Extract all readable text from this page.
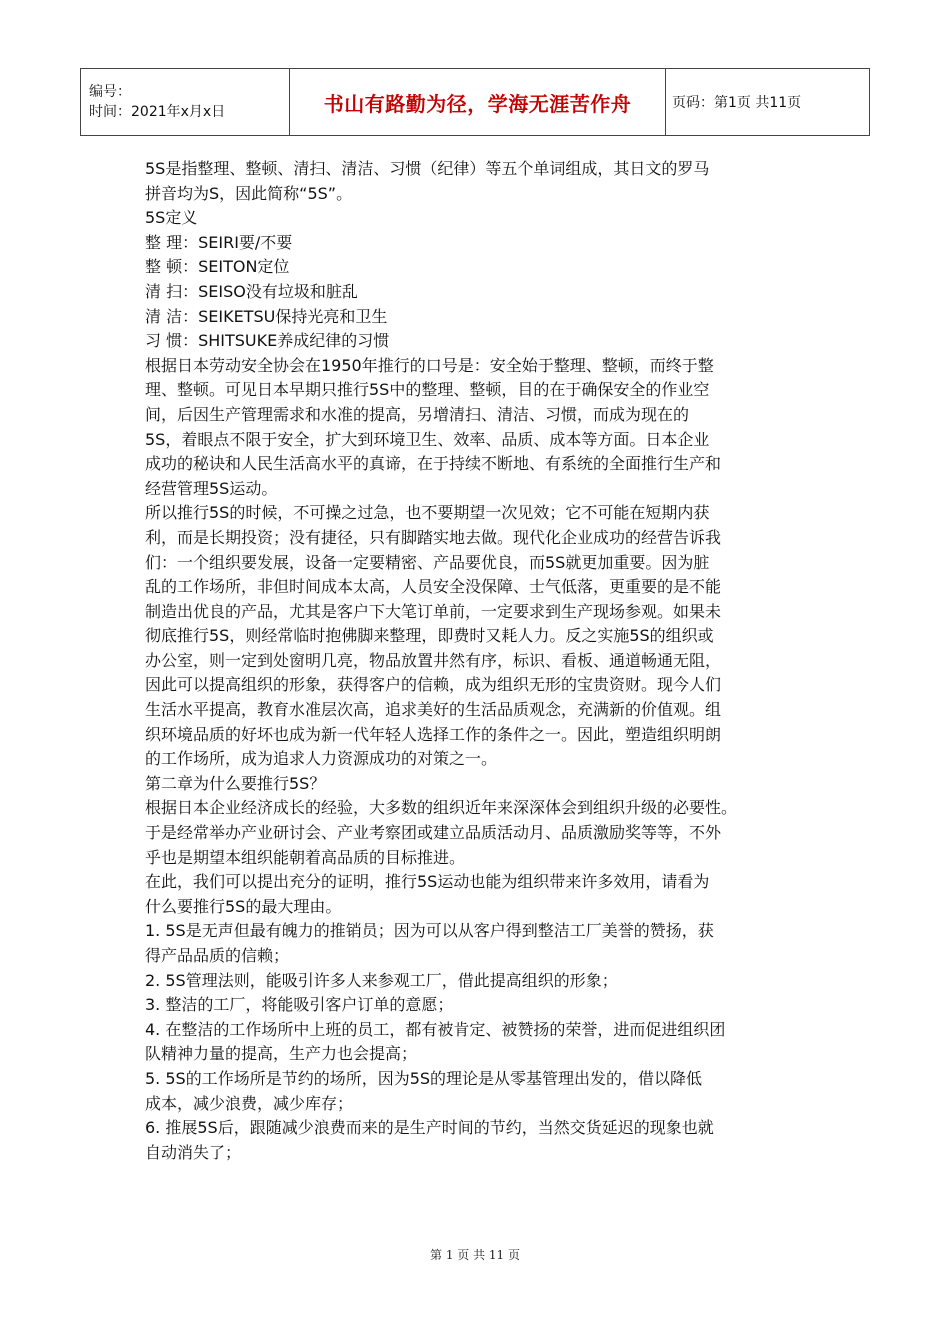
编号：
时间：2021年x月x日	书山有路勤为径，学海无涯苦作舟	页码：第1页 共11页

5S是指整理、整顿、清扫、清洁、习惯（纪律）等五个单词组成，其日文的罗马

拼音均为S，因此简称“5S”。

5S定义

整 理：SEIRI要/不要

整 顿：SEITON定位

清 扫：SEISO没有垃圾和脏乱

清 洁：SEIKETSU保持光亮和卫生

习 惯：SHITSUKE养成纪律的习惯

根据日本劳动安全协会在1950年推行的口号是：安全始于整理、整顿，而终于整

理、整顿。可见日本早期只推行5S中的整理、整顿，目的在于确保安全的作业空

间，后因生产管理需求和水准的提高，另增清扫、清洁、习惯，而成为现在的

5S，着眼点不限于安全，扩大到环境卫生、效率、品质、成本等方面。日本企业

成功的秘诀和人民生活高水平的真谛，在于持续不断地、有系统的全面推行生产和

经营管理5S运动。

所以推行5S的时候，不可操之过急，也不要期望一次见效；它不可能在短期内获

利，而是长期投资；没有捷径，只有脚踏实地去做。现代化企业成功的经营告诉我

们：一个组织要发展，设备一定要精密、产品要优良，而5S就更加重要。因为脏

乱的工作场所，非但时间成本太高，人员安全没保障、士气低落，更重要的是不能

制造出优良的产品，尤其是客户下大笔订单前，一定要求到生产现场参观。如果未

彻底推行5S，则经常临时抱佛脚来整理，即费时又耗人力。反之实施5S的组织或

办公室，则一定到处窗明几亮，物品放置井然有序，标识、看板、通道畅通无阻，

因此可以提高组织的形象，获得客户的信赖，成为组织无形的宝贵资财。现今人们

生活水平提高，教育水准层次高，追求美好的生活品质观念，充满新的价值观。组

织环境品质的好坏也成为新一代年轻人选择工作的条件之一。因此，塑造组织明朗

的工作场所，成为追求人力资源成功的对策之一。

第二章为什么要推行5S？

根据日本企业经济成长的经验，大多数的组织近年来深深体会到组织升级的必要性。

于是经常举办产业研讨会、产业考察团或建立品质活动月、品质激励奖等等，不外

乎也是期望本组织能朝着高品质的目标推进。

在此，我们可以提出充分的证明，推行5S运动也能为组织带来许多效用，请看为

什么要推行5S的最大理由。

1. 5S是无声但最有魄力的推销员；因为可以从客户得到整洁工厂美誉的赞扬，获

得产品品质的信赖；

2. 5S管理法则，能吸引许多人来参观工厂，借此提高组织的形象；

3. 整洁的工厂，将能吸引客户订单的意愿；

4. 在整洁的工作场所中上班的员工，都有被肯定、被赞扬的荣誉，进而促进组织团

队精神力量的提高，生产力也会提高；

5. 5S的工作场所是节约的场所，因为5S的理论是从零基管理出发的，借以降低

成本，减少浪费，减少库存；

6. 推展5S后，跟随减少浪费而来的是生产时间的节约，当然交货延迟的现象也就

自动消失了；

第 1 页 共 11 页
